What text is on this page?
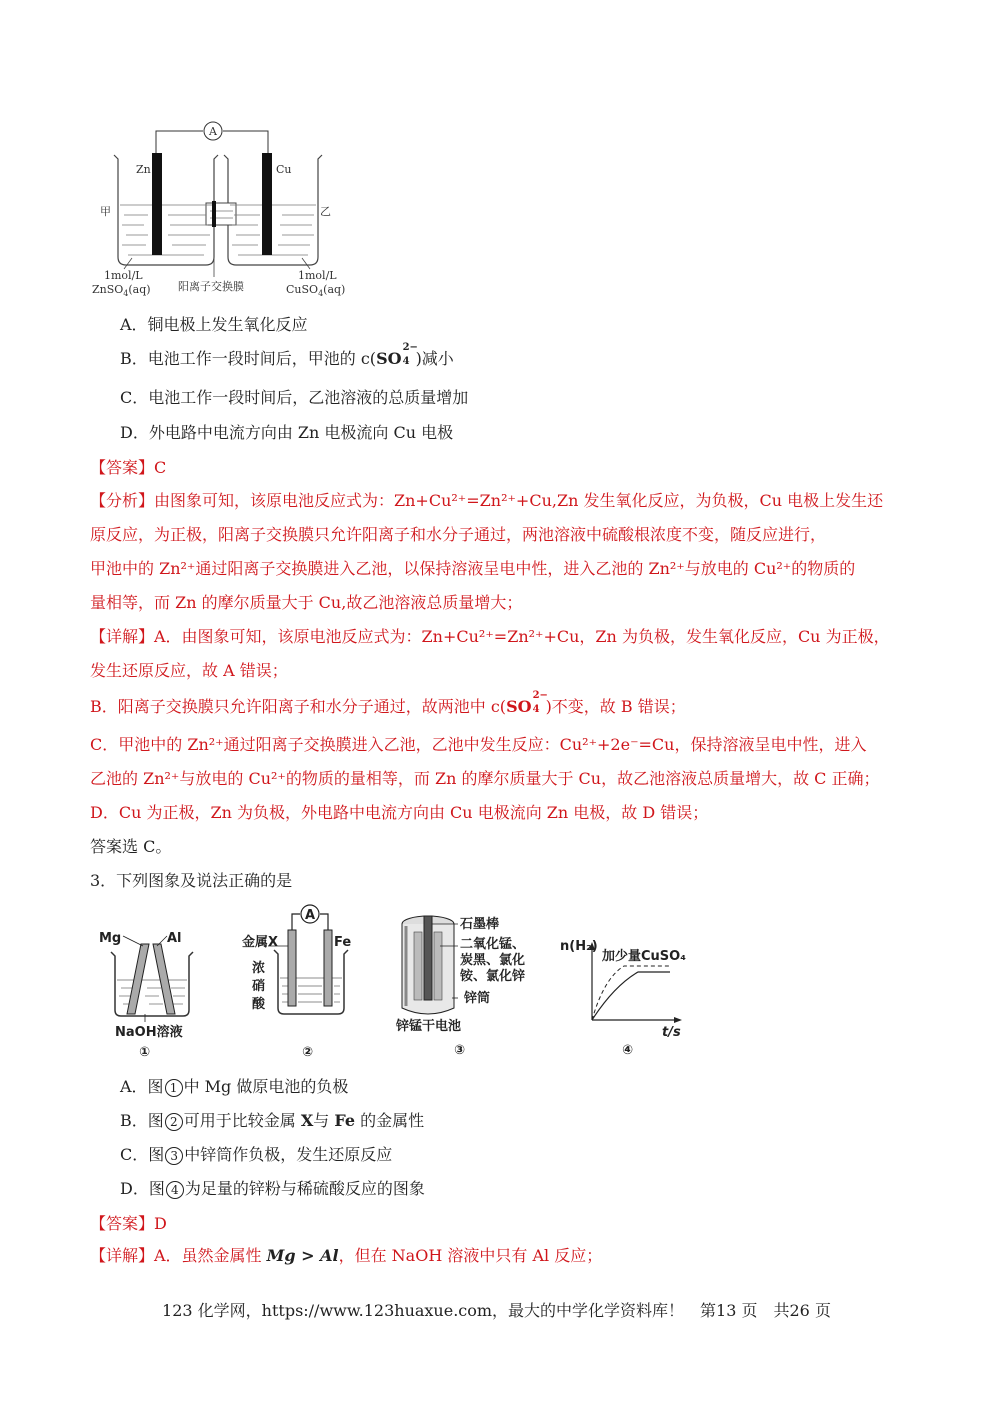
A
Zn	Cu
甲	乙
1mol/L
ZnSO$_4$(aq) 阳离子交换膜
1mol/L
CuSO$_4$(aq)
A．铜电极上发生氧化反应
B．电池工作一段时间后，甲池的 c(SO
2−
4 )减小
C．电池工作一段时间后，乙池溶液的总质量增加
D．外电路中电流方向由 Zn 电极流向 Cu 电极
【答案】C
【分析】由图象可知，该原电池反应式为：Zn+Cu²⁺=Zn²⁺+Cu,Zn 发生氧化反应，为负极，Cu 电极上发生还
原反应，为正极，阳离子交换膜只允许阳离子和水分子通过，两池溶液中硫酸根浓度不变，随反应进行，
甲池中的 Zn²⁺通过阳离子交换膜进入乙池，以保持溶液呈电中性，进入乙池的 Zn²⁺与放电的 Cu²⁺的物质的
量相等，而 Zn 的摩尔质量大于 Cu,故乙池溶液总质量增大；
【详解】A．由图象可知，该原电池反应式为：Zn+Cu²⁺=Zn²⁺+Cu，Zn 为负极，发生氧化反应，Cu 为正极，
发生还原反应，故 A 错误；
B．阳离子交换膜只允许阳离子和水分子通过，故两池中 c(SO
2−
4 )不变，故 B 错误；
C．甲池中的 Zn²⁺通过阳离子交换膜进入乙池，乙池中发生反应：Cu²⁺+2e⁻=Cu，保持溶液呈电中性，进入
乙池的 Zn²⁺与放电的 Cu²⁺的物质的量相等，而 Zn 的摩尔质量大于 Cu，故乙池溶液总质量增大，故 C 正确；
D．Cu 为正极，Zn 为负极，外电路中电流方向由 Cu 电极流向 Zn 电极，故 D 错误；
答案选 C。
3．下列图象及说法正确的是
Mg	Al
NaOH溶液
①
A
金属X	Fe
浓
硝
酸
②
石墨棒
二氧化锰、
炭黑、氯化
铵、氯化锌
锌筒
锌锰干电池
③
n(H₂)
加少量CuSO₄
t/s
④
A．图 1 中 Mg 做原电池的负极
B．图 2 可用于比较金属 X与 Fe 的金属性
C．图 3 中锌筒作负极，发生还原反应
D．图 4 为足量的锌粉与稀硫酸反应的图象
【答案】D
【详解】A．虽然金属性 Mg > Al，但在 NaOH 溶液中只有 Al 反应；
123 化学网，https://www.123huaxue.com，最大的中学化学资料库！　第13 页　共26 页
